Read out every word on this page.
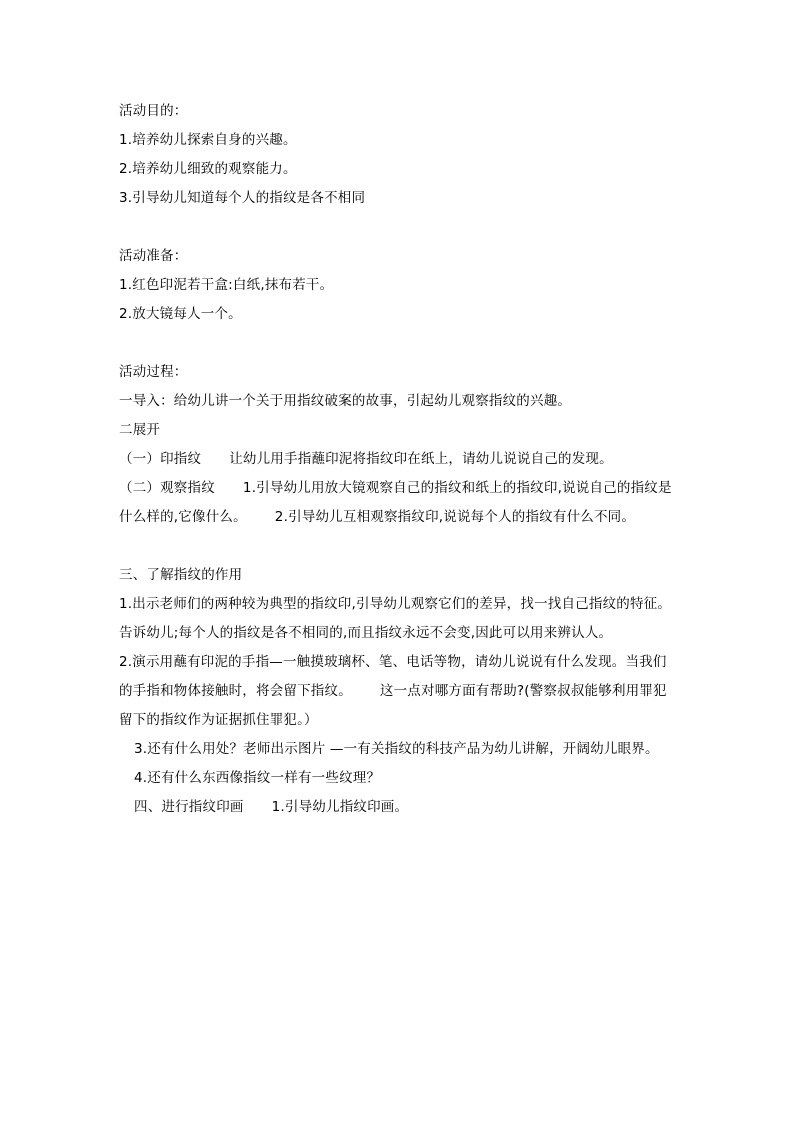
活动目的：

1.培养幼儿探索自身的兴趣。

2.培养幼儿细致的观察能力。

3.引导幼儿知道每个人的指纹是各不相同

活动准备：

1.红色印泥若干盒:白纸,抹布若干。

2.放大镜每人一个。

活动过程：

一导入：给幼儿讲一个关于用指纹破案的故事，引起幼儿观察指纹的兴趣。

二展开

（一）印指纹 让幼儿用手指蘸印泥将指纹印在纸上，请幼儿说说自己的发现。

（二）观察指纹 1.引导幼儿用放大镜观察自己的指纹和纸上的指纹印,说说自己的指纹是什么样的,它像什么。 2.引导幼儿互相观察指纹印,说说每个人的指纹有什么不同。

三、了解指纹的作用

1.出示老师们的两种较为典型的指纹印,引导幼儿观察它们的差异，找一找自己指纹的特征。告诉幼儿;每个人的指纹是各不相同的,而且指纹永远不会变,因此可以用来辨认人。

2.演示用蘸有印泥的手指—一触摸玻璃杯、笔、电话等物，请幼儿说说有什么发现。当我们的手指和物体接触时，将会留下指纹。 这一点对哪方面有帮助?(警察叔叔能够利用罪犯留下的指纹作为证据抓住罪犯。）

3.还有什么用处？老师出示图片 —一有关指纹的科技产品为幼儿讲解，开阔幼儿眼界。

4.还有什么东西像指纹一样有一些纹理？

四、进行指纹印画 1.引导幼儿指纹印画。
